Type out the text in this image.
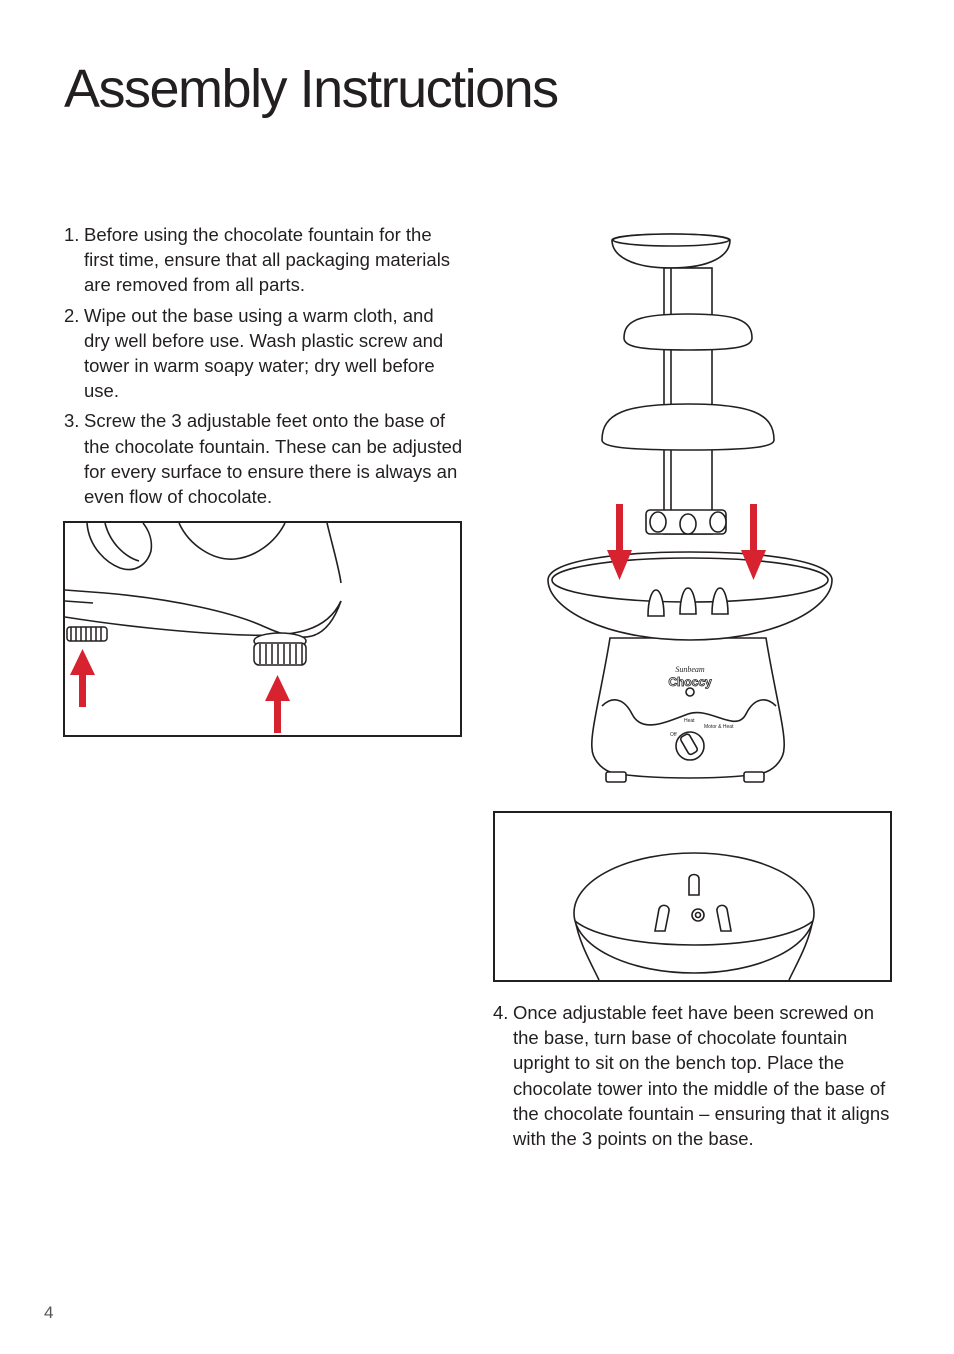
Assembly Instructions
1. Before using the chocolate fountain for the first time, ensure that all packaging materials are removed from all parts.
2. Wipe out the base using a warm cloth, and dry well before use. Wash plastic screw and tower in warm soapy water; dry well before use.
3. Screw the 3 adjustable feet onto the base of the chocolate fountain. These can be adjusted for every surface to ensure there is always an even flow of chocolate.
Sunbeam
Choccy
Off
Heat
Motor & Heat
4. Once adjustable feet have been screwed on the base, turn base of chocolate fountain upright to sit on the bench top. Place the chocolate tower into the middle of the base of the chocolate fountain – ensuring that it aligns with the 3 points on the base.
4
